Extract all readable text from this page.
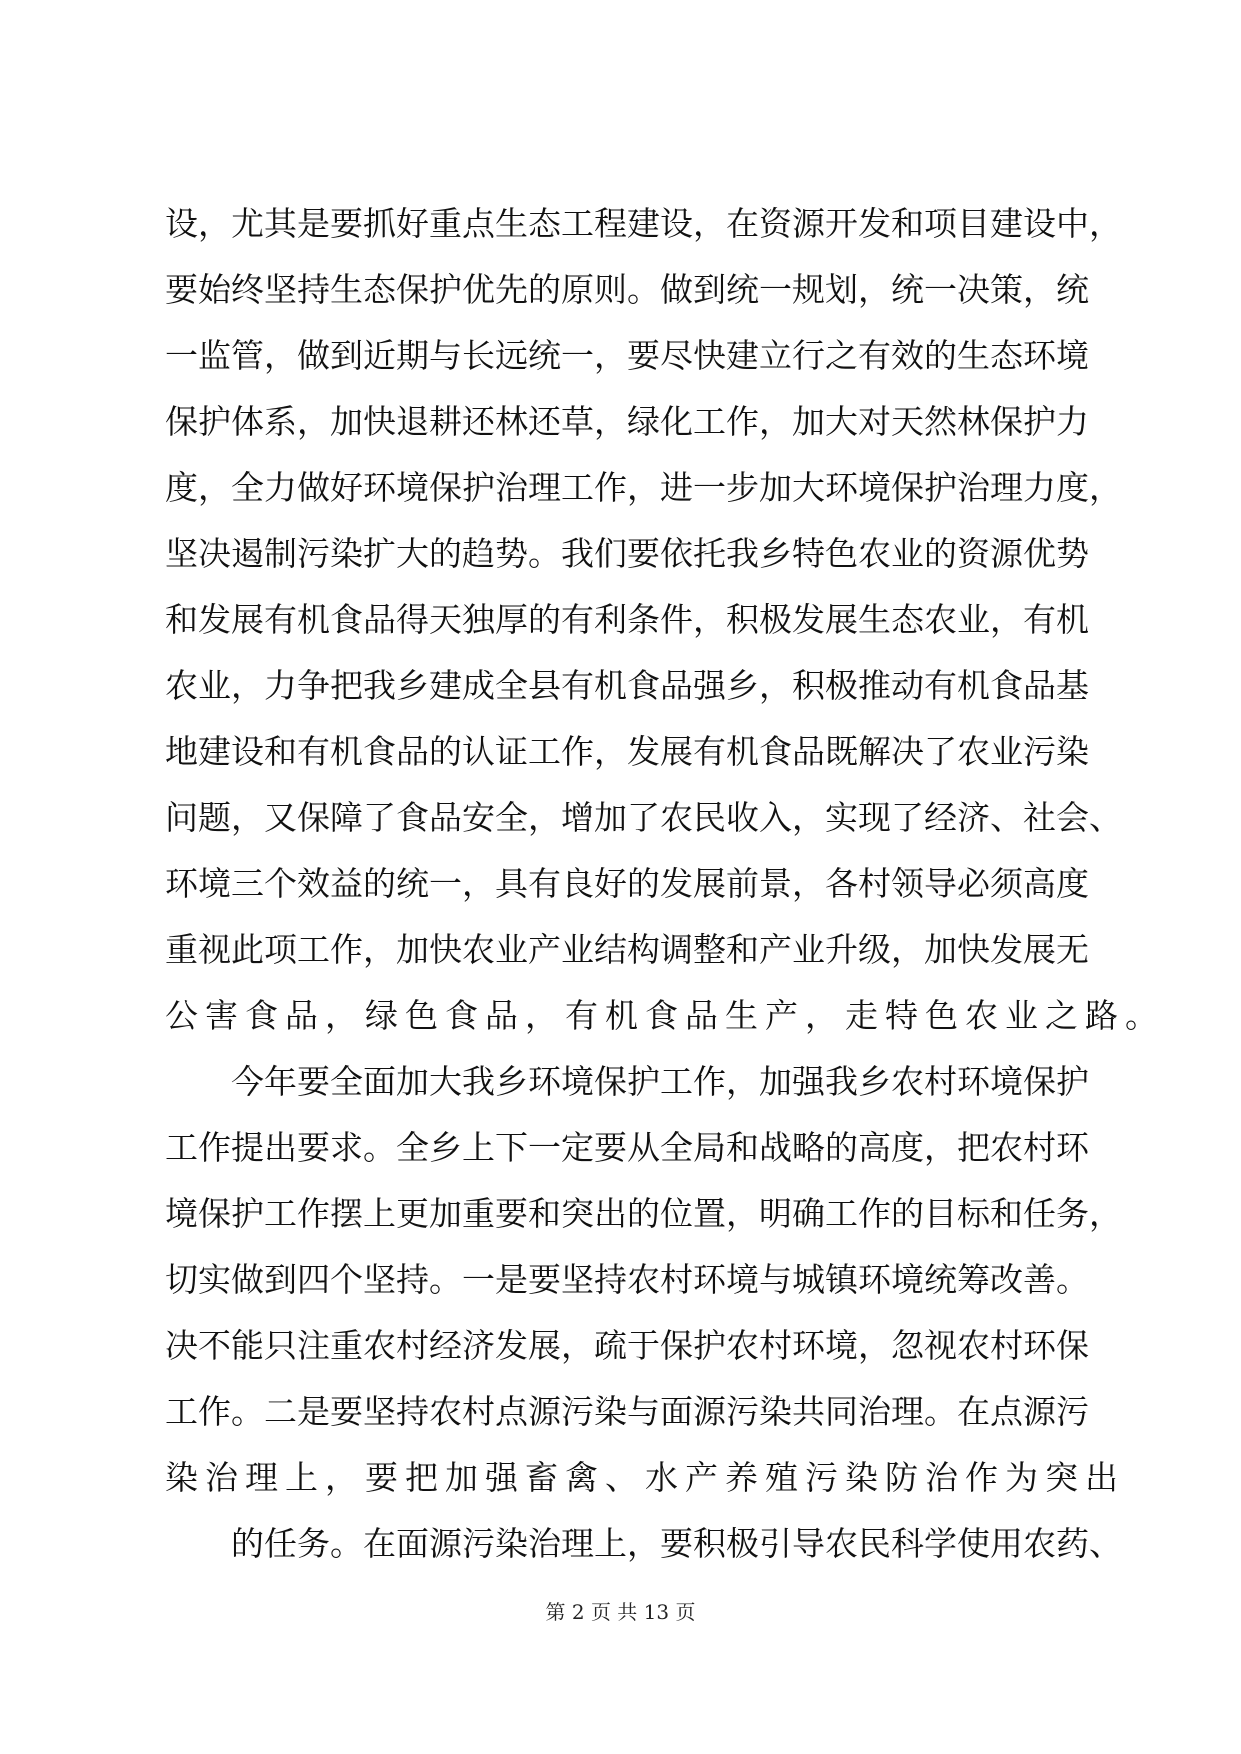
设 ， 尤 其 是 要 抓 好 重 点 生 态 工 程 建 设 ， 在 资 源 开 发 和 项 目 建 设 中 ，
要 始 终 坚 持 生 态 保 护 优 先 的 原 则 。 做 到 统 一 规 划 ， 统 一 决 策 ， 统
一 监 管 ， 做 到 近 期 与 长 远 统 一 ， 要 尽 快 建 立 行 之 有 效 的 生 态 环 境
保 护 体 系 ， 加 快 退 耕 还 林 还 草 ， 绿 化 工 作 ， 加 大 对 天 然 林 保 护 力
度 ， 全 力 做 好 环 境 保 护 治 理 工 作 ， 进 一 步 加 大 环 境 保 护 治 理 力 度 ，
坚 决 遏 制 污 染 扩 大 的 趋 势 。 我 们 要 依 托 我 乡 特 色 农 业 的 资 源 优 势
和 发 展 有 机 食 品 得 天 独 厚 的 有 利 条 件 ， 积 极 发 展 生 态 农 业 ， 有 机
农 业 ， 力 争 把 我 乡 建 成 全 县 有 机 食 品 强 乡 ， 积 极 推 动 有 机 食 品 基
地 建 设 和 有 机 食 品 的 认 证 工 作 ， 发 展 有 机 食 品 既 解 决 了 农 业 污 染
问 题 ， 又 保 障 了 食 品 安 全 ， 增 加 了 农 民 收 入 ， 实 现 了 经 济 、 社 会 、
环 境 三 个 效 益 的 统 一 ， 具 有 良 好 的 发 展 前 景 ， 各 村 领 导 必 须 高 度
重 视 此 项 工 作 ， 加 快 农 业 产 业 结 构 调 整 和 产 业 升 级 ， 加 快 发 展 无
公害食品，绿色食品，有机食品生产，走特色农业之路。
今 年 要 全 面 加 大 我 乡 环 境 保 护 工 作 ， 加 强 我 乡 农 村 环 境 保 护
工 作 提 出 要 求 。 全 乡 上 下 一 定 要 从 全 局 和 战 略 的 高 度 ， 把 农 村 环
境 保 护 工 作 摆 上 更 加 重 要 和 突 出 的 位 置 ， 明 确 工 作 的 目 标 和 任 务 ，
切 实 做 到 四 个 坚 持 。 一 是 要 坚 持 农 村 环 境 与 城 镇 环 境 统 筹 改 善 。
决 不 能 只 注 重 农 村 经 济 发 展 ， 疏 于 保 护 农 村 环 境 ， 忽 视 农 村 环 保
工 作 。 二 是 要 坚 持 农 村 点 源 污 染 与 面 源 污 染 共 同 治 理 。 在 点 源 污
染治理上，要把加强畜禽、水产养殖污染防治作为突出
的 任 务 。 在 面 源 污 染 治 理 上 ， 要 积 极 引 导 农 民 科 学 使 用 农 药 、
第 2 页 共 13 页
